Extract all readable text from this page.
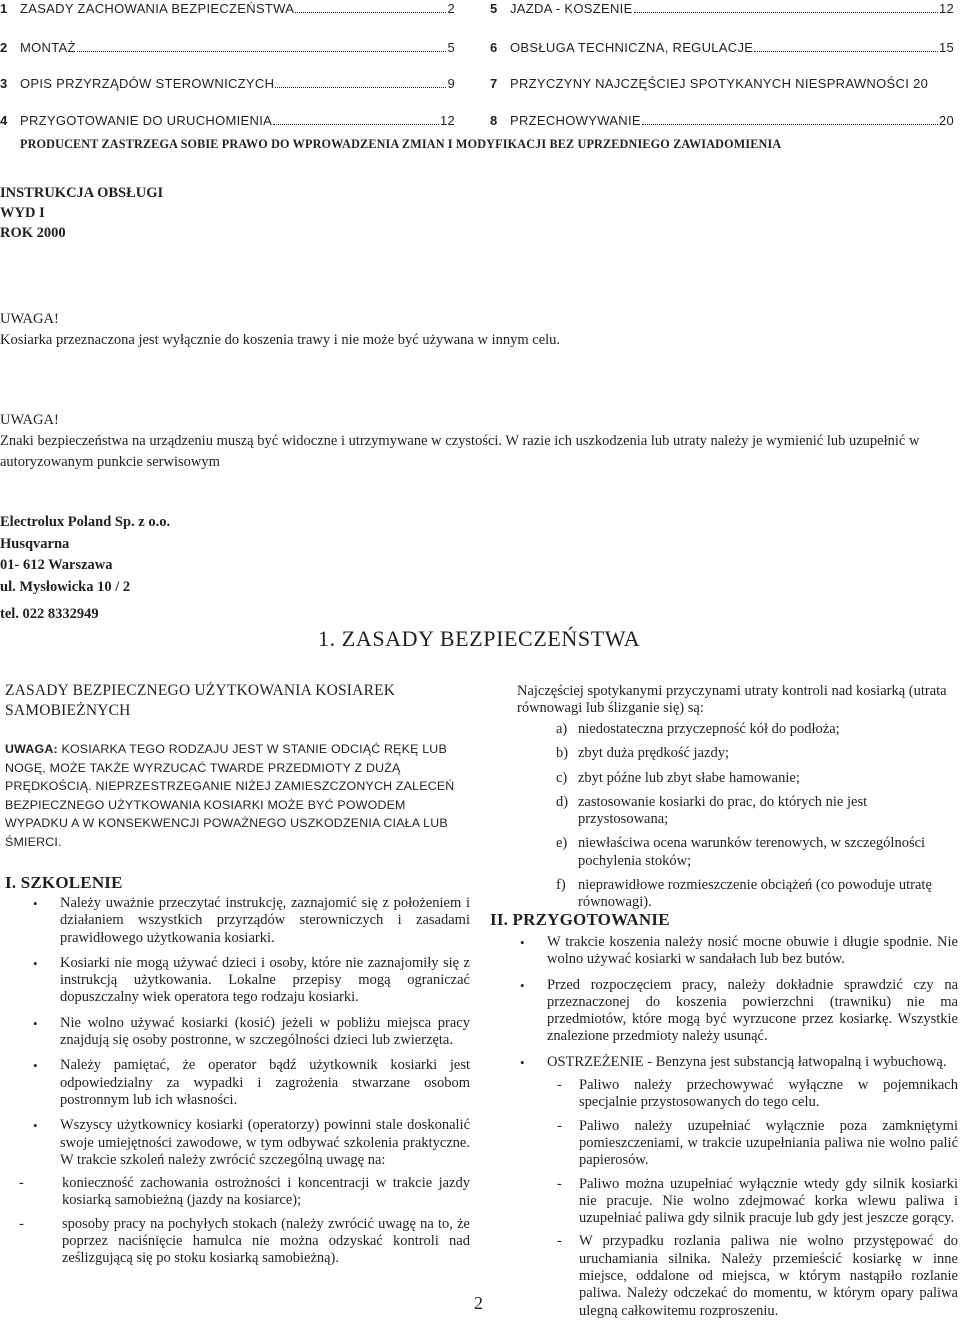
1 ZASADY ZACHOWANIA BEZPIECZEŃSTWA	2
2 MONTAŻ	5
3 OPIS PRZYRZĄDÓW STEROWNICZYCH	9
4 PRZYGOTOWANIE DO URUCHOMIENIA	12
5 JAZDA - KOSZENIE	12
6 OBSŁUGA TECHNICZNA, REGULACJE	15
7 PRZYCZYNY NAJCZĘŚCIEJ SPOTYKANYCH NIESPRAWNOŚCI 20
8 PRZECHOWYWANIE	20
PRODUCENT ZASTRZEGA SOBIE PRAWO DO WPROWADZENIA ZMIAN I MODYFIKACJI BEZ UPRZEDNIEGO ZAWIADOMIENIA
INSTRUKCJA OBSŁUGI
WYD I
ROK 2000
UWAGA!
Kosiarka przeznaczona jest wyłącznie do koszenia trawy i nie może być używana w innym celu.
UWAGA!
Znaki bezpieczeństwa na urządzeniu muszą być widoczne i utrzymywane w czystości. W razie ich uszkodzenia lub utraty należy je wymienić lub uzupełnić w autoryzowanym punkcie serwisowym
Electrolux Poland Sp. z o.o.
Husqvarna
01- 612 Warszawa
ul. Mysłowicka 10 / 2
tel. 022 8332949
1. ZASADY BEZPIECZEŃSTWA
ZASADY BEZPIECZNEGO UŻYTKOWANIA KOSIAREK SAMOBIEŻNYCH
UWAGA: KOSIARKA TEGO RODZAJU JEST W STANIE ODCIĄĆ RĘKĘ LUB NOGĘ, MOŻE TAKŻE WYRZUCAĆ TWARDE PRZEDMIOTY Z DUŻĄ PRĘDKOŚCIĄ. NIEPRZESTRZEGANIE NIŻEJ ZAMIESZCZONYCH ZALECEŃ BEZPIECZNEGO UŻYTKOWANIA KOSIARKI MOŻE BYĆ POWODEM WYPADKU A W KONSEKWENCJI POWAŻNEGO USZKODZENIA CIAŁA LUB ŚMIERCI.
I. SZKOLENIE
• Należy uważnie przeczytać instrukcję, zaznajomić się z położeniem i działaniem wszystkich przyrządów sterowniczych i zasadami prawidłowego użytkowania kosiarki.
• Kosiarki nie mogą używać dzieci i osoby, które nie zaznajomiły się z instrukcją użytkowania. Lokalne przepisy mogą ograniczać dopuszczalny wiek operatora tego rodzaju kosiarki.
• Nie wolno używać kosiarki (kosić) jeżeli w pobliżu miejsca pracy znajdują się osoby postronne, w szczególności dzieci lub zwierzęta.
• Należy pamiętać, że operator bądź użytkownik kosiarki jest odpowiedzialny za wypadki i zagrożenia stwarzane osobom postronnym lub ich własności.
• Wszyscy użytkownicy kosiarki (operatorzy) powinni stale doskonalić swoje umiejętności zawodowe, w tym odbywać szkolenia praktyczne. W trakcie szkoleń należy zwrócić szczególną uwagę na:
-	konieczność zachowania ostrożności i koncentracji w trakcie jazdy kosiarką samobieżną (jazdy na kosiarce);
-	sposoby pracy na pochyłych stokach (należy zwrócić uwagę na to, że poprzez naciśnięcie hamulca nie można odzyskać kontroli nad ześlizgującą się po stoku kosiarką samobieżną).
Najczęściej spotykanymi przyczynami utraty kontroli nad kosiarką (utrata równowagi lub ślizganie się) są:
a) niedostateczna przyczepność kół do podłoża;
b) zbyt duża prędkość jazdy;
c) zbyt późne lub zbyt słabe hamowanie;
d) zastosowanie kosiarki do prac, do których nie jest przystosowana;
e) niewłaściwa ocena warunków terenowych, w szczególności pochylenia stoków;
f) nieprawidłowe rozmieszczenie obciążeń (co powoduje utratę równowagi).
II. PRZYGOTOWANIE
• W trakcie koszenia należy nosić mocne obuwie i długie spodnie. Nie wolno używać kosiarki w sandałach lub bez butów.
• Przed rozpoczęciem pracy, należy dokładnie sprawdzić czy na przeznaczonej do koszenia powierzchni (trawniku) nie ma przedmiotów, które mogą być wyrzucone przez kosiarkę. Wszystkie znalezione przedmioty należy usunąć.
• OSTRZEŻENIE - Benzyna jest substancją łatwopalną i wybuchową.
- Paliwo należy przechowywać wyłączne w pojemnikach specjalnie przystosowanych do tego celu.
- Paliwo należy uzupełniać wyłącznie poza zamkniętymi pomieszczeniami, w trakcie uzupełniania paliwa nie wolno palić papierosów.
- Paliwo można uzupełniać wyłącznie wtedy gdy silnik kosiarki nie pracuje. Nie wolno zdejmować korka wlewu paliwa i uzupełniać paliwa gdy silnik pracuje lub gdy jest jeszcze gorący.
- W przypadku rozlania paliwa nie wolno przystępować do uruchamiania silnika. Należy przemieścić kosiarkę w inne miejsce, oddalone od miejsca, w którym nastąpiło rozlanie paliwa. Należy odczekać do momentu, w którym opary paliwa ulegną całkowitemu rozproszeniu.
2
